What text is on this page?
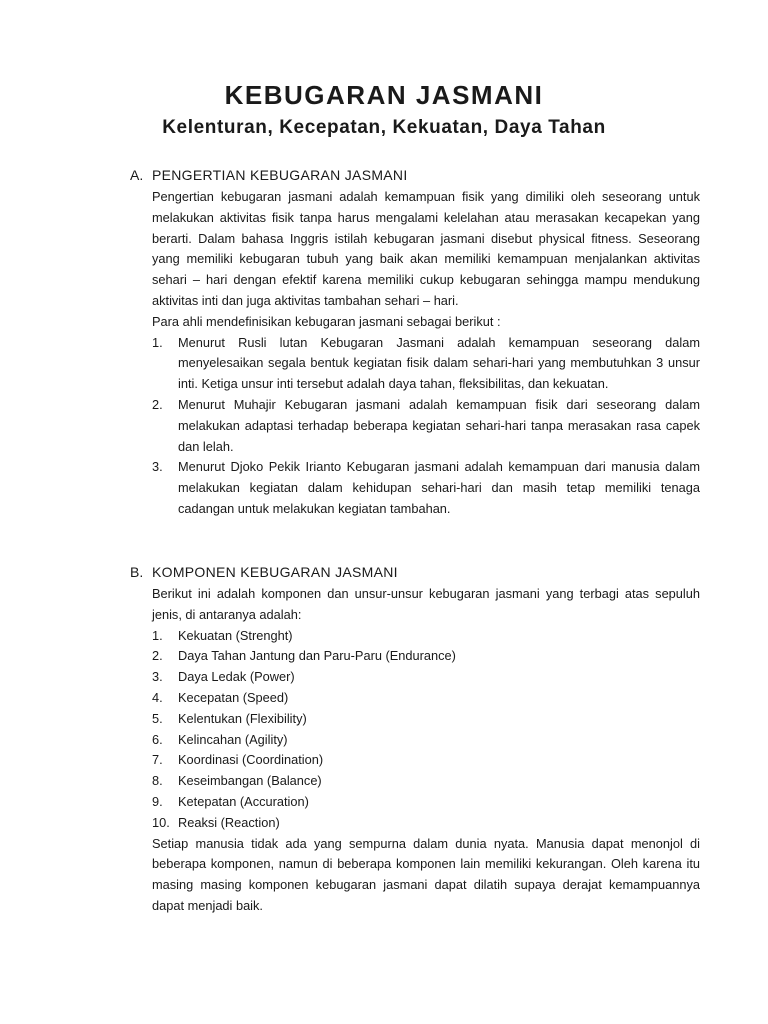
KEBUGARAN JASMANI
Kelenturan, Kecepatan, Kekuatan, Daya Tahan
A. PENGERTIAN KEBUGARAN JASMANI

Pengertian kebugaran jasmani adalah kemampuan fisik yang dimiliki oleh seseorang untuk melakukan aktivitas fisik tanpa harus mengalami kelelahan atau merasakan kecapekan yang berarti. Dalam bahasa Inggris istilah kebugaran jasmani disebut physical fitness. Seseorang yang memiliki kebugaran tubuh yang baik akan memiliki kemampuan menjalankan aktivitas sehari – hari dengan efektif karena memiliki cukup kebugaran sehingga mampu mendukung aktivitas inti dan juga aktivitas tambahan sehari – hari.

Para ahli mendefinisikan kebugaran jasmani sebagai berikut :

1.	Menurut Rusli lutan Kebugaran Jasmani adalah kemampuan seseorang dalam menyelesaikan segala bentuk kegiatan fisik dalam sehari-hari yang membutuhkan 3 unsur inti. Ketiga unsur inti tersebut adalah daya tahan, fleksibilitas, dan kekuatan.
2.	Menurut Muhajir Kebugaran jasmani adalah kemampuan fisik dari seseorang dalam melakukan adaptasi terhadap beberapa kegiatan sehari-hari tanpa merasakan rasa capek dan lelah.
3.	Menurut Djoko Pekik Irianto Kebugaran jasmani adalah kemampuan dari manusia dalam melakukan kegiatan dalam kehidupan sehari-hari dan masih tetap memiliki tenaga cadangan untuk melakukan kegiatan tambahan.
B. KOMPONEN KEBUGARAN JASMANI

Berikut ini adalah komponen dan unsur-unsur kebugaran jasmani yang terbagi atas sepuluh jenis, di antaranya adalah:

1.	Kekuatan (Strenght)
2.	Daya Tahan Jantung dan Paru-Paru (Endurance)
3.	Daya Ledak (Power)
4.	Kecepatan (Speed)
5.	Kelentukan (Flexibility)
6.	Kelincahan (Agility)
7.	Koordinasi (Coordination)
8.	Keseimbangan (Balance)
9.	Ketepatan (Accuration)
10. Reaksi (Reaction)

Setiap manusia tidak ada yang sempurna dalam dunia nyata. Manusia dapat menonjol di beberapa komponen, namun di beberapa komponen lain memiliki kekurangan. Oleh karena itu masing masing komponen kebugaran jasmani dapat dilatih supaya derajat kemampuannya dapat menjadi baik.
